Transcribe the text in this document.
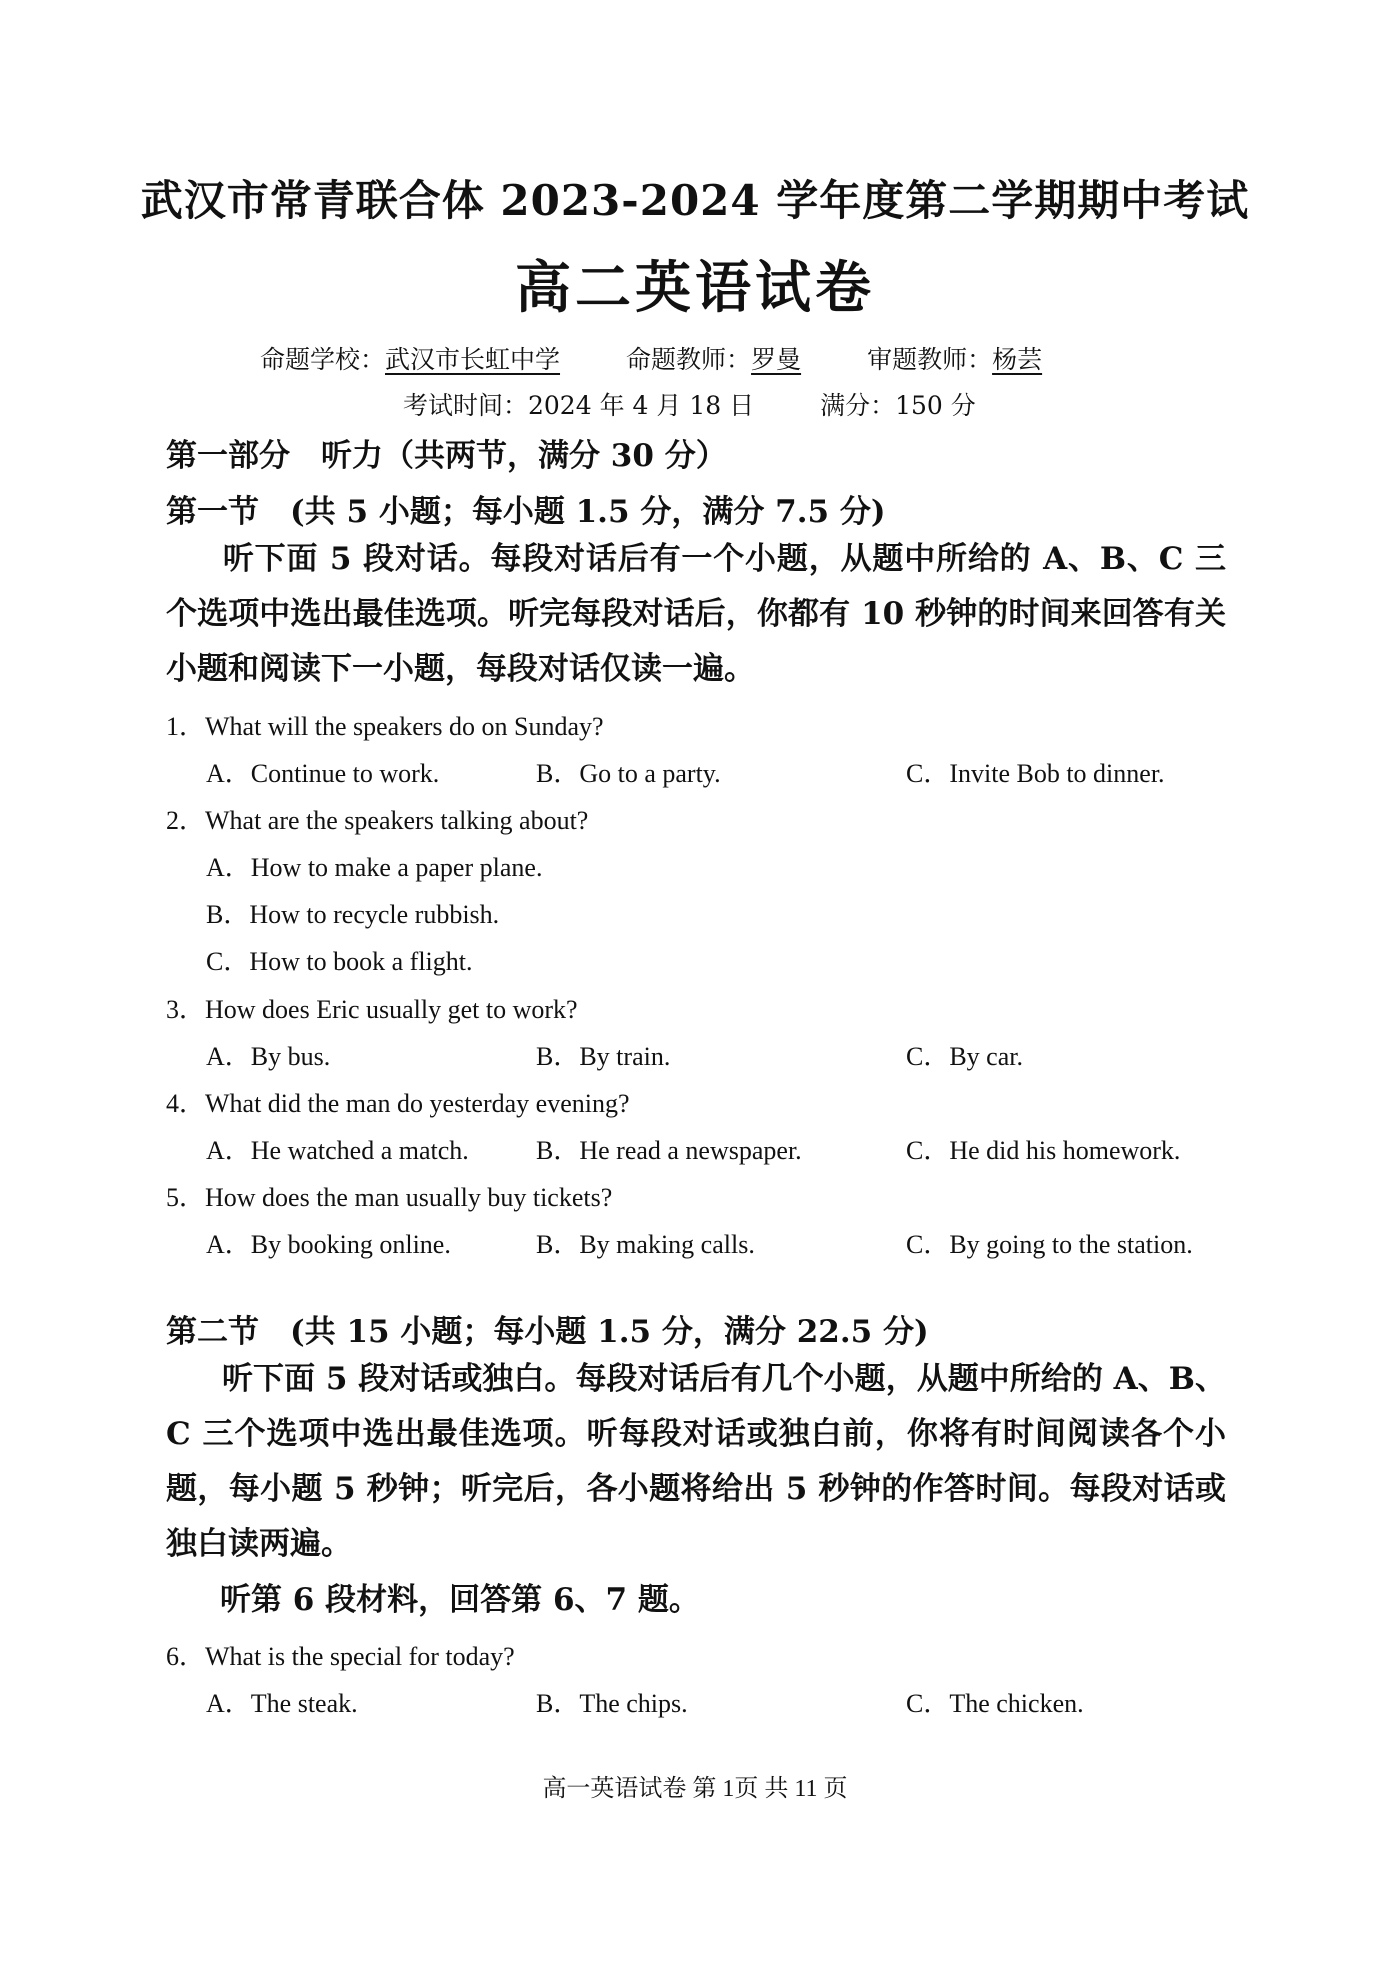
武汉市常青联合体 2023-2024 学年度第二学期期中考试
高二英语试卷
命题学校：武汉市长虹中学	命题教师：罗曼	审题教师：杨芸
考试时间：2024 年 4 月 18 日	满分：150 分
第一部分　听力（共两节，满分 30 分）
第一节　(共 5 小题；每小题 1.5 分，满分 7.5 分)
听下面 5 段对话。每段对话后有一个小题，从题中所给的 A、B、C 三个选项中选出最佳选项。听完每段对话后，你都有 10 秒钟的时间来回答有关小题和阅读下一小题，每段对话仅读一遍。
1．What will the speakers do on Sunday?
A．Continue to work.	B．Go to a party.	C．Invite Bob to dinner.
2．What are the speakers talking about?
A．How to make a paper plane.
B．How to recycle rubbish.
C．How to book a flight.
3．How does Eric usually get to work?
A．By bus.	B．By train.	C．By car.
4．What did the man do yesterday evening?
A．He watched a match.	B．He read a newspaper.	C．He did his homework.
5．How does the man usually buy tickets?
A．By booking online.	B．By making calls.	C．By going to the station.
第二节　(共 15 小题；每小题 1.5 分，满分 22.5 分)
听下面 5 段对话或独白。每段对话后有几个小题，从题中所给的 A、B、C 三个选项中选出最佳选项。听每段对话或独白前，你将有时间阅读各个小题，每小题 5 秒钟；听完后，各小题将给出 5 秒钟的作答时间。每段对话或独白读两遍。
听第 6 段材料，回答第 6、7 题。
6．What is the special for today?
A．The steak.	B．The chips.	C．The chicken.
高一英语试卷 第 1页 共 11 页
